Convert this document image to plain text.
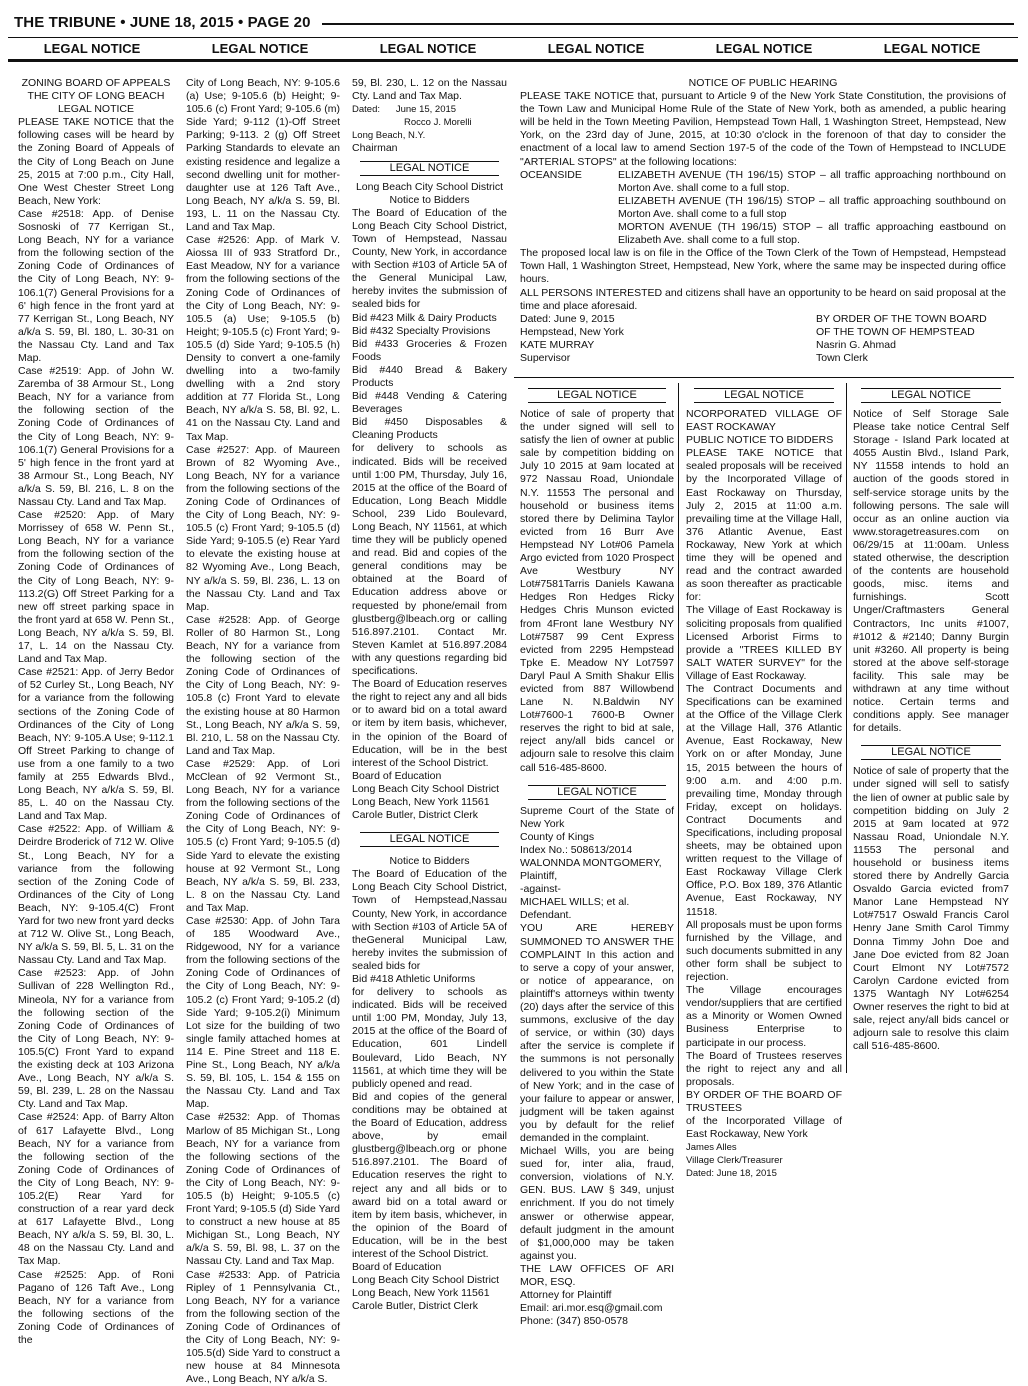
THE TRIBUNE • JUNE 18, 2015 • PAGE 20
LEGAL NOTICE	LEGAL NOTICE	LEGAL NOTICE	LEGAL NOTICE	LEGAL NOTICE	LEGAL NOTICE

ZONING BOARD OF APPEALS

THE CITY OF LONG BEACH

LEGAL NOTICE

PLEASE TAKE NOTICE that the following cases will be heard by the Zoning Board of Appeals of the City of Long Beach on June 25, 2015 at 7:00 p.m., City Hall, One West Chester Street Long Beach, New York:

Case #2518: App. of Denise Sosnoski of 77 Kerrigan St., Long Beach, NY for a variance from the following section of the Zoning Code of Ordinances of the City of Long Beach, NY: 9-106.1(7) General Provisions for a 6' high fence in the front yard at 77 Kerrigan St., Long Beach, NY a/k/a S. 59, Bl. 180, L. 30-31 on the Nassau Cty. Land and Tax Map.

Case #2519: App. of John W. Zaremba of 38 Armour St., Long Beach, NY for a variance from the following section of the Zoning Code of Ordinances of the City of Long Beach, NY: 9-106.1(7) General Provisions for a 5' high fence in the front yard at 38 Armour St., Long Beach, NY a/k/a S. 59, Bl. 216, L. 8 on the Nassau Cty. Land and Tax Map.

Case #2520: App. of Mary Morrissey of 658 W. Penn St., Long Beach, NY for a variance from the following section of the Zoning Code of Ordinances of the City of Long Beach, NY: 9-113.2(G) Off Street Parking for a new off street parking space in the front yard at 658 W. Penn St., Long Beach, NY a/k/a S. 59, Bl. 17, L. 14 on the Nassau Cty. Land and Tax Map.

Case #2521: App. of Jerry Bedor of 52 Curley St., Long Beach, NY for a variance from the following sections of the Zoning Code of Ordinances of the City of Long Beach, NY: 9-105.A Use; 9-112.1 Off Street Parking to change of use from a one family to a two family at 255 Edwards Blvd., Long Beach, NY a/k/a S. 59, Bl. 85, L. 40 on the Nassau Cty. Land and Tax Map.

Case #2522: App. of William & Deirdre Broderick of 712 W. Olive St., Long Beach, NY for a variance from the following section of the Zoning Code of Ordinances of the City of Long Beach, NY: 9-105.4(C) Front Yard for two new front yard decks at 712 W. Olive St., Long Beach, NY a/k/a S. 59, Bl. 5, L. 31 on the Nassau Cty. Land and Tax Map.

Case #2523: App. of John Sullivan of 228 Wellington Rd., Mineola, NY for a variance from the following section of the Zoning Code of Ordinances of the City of Long Beach, NY: 9-105.5(C) Front Yard to expand the existing deck at 103 Arizona Ave., Long Beach, NY a/k/a S. 59, Bl. 239, L. 28 on the Nassau Cty. Land and Tax Map.

Case #2524: App. of Barry Alton of 617 Lafayette Blvd., Long Beach, NY for a variance from the following section of the Zoning Code of Ordinances of the City of Long Beach, NY: 9-105.2(E) Rear Yard for construction of a rear yard deck at 617 Lafayette Blvd., Long Beach, NY a/k/a S. 59, Bl. 30, L. 48 on the Nassau Cty. Land and Tax Map.

Case #2525: App. of Roni Pagano of 126 Taft Ave., Long Beach, NY for a variance from the following sections of the Zoning Code of Ordinances of the

City of Long Beach, NY: 9-105.6 (a) Use; 9-105.6 (b) Height; 9-105.6 (c) Front Yard; 9-105.6 (m) Side Yard; 9-112 (1)-Off Street Parking; 9-113. 2 (g) Off Street Parking Standards to elevate an existing residence and legalize a second dwelling unit for mother-daughter use at 126 Taft Ave., Long Beach, NY a/k/a S. 59, Bl. 193, L. 11 on the Nassau Cty. Land and Tax Map.

Case #2526: App. of Mark V. Aiossa III of 933 Stratford Dr., East Meadow, NY for a variance from the following sections of the Zoning Code of Ordinances of the City of Long Beach, NY: 9-105.5 (a) Use; 9-105.5 (b) Height; 9-105.5 (c) Front Yard; 9-105.5 (d) Side Yard; 9-105.5 (h) Density to convert a one-family dwelling into a two-family dwelling with a 2nd story addition at 77 Florida St., Long Beach, NY a/k/a S. 58, Bl. 92, L. 41 on the Nassau Cty. Land and Tax Map.

Case #2527: App. of Maureen Brown of 82 Wyoming Ave., Long Beach, NY for a variance from the following sections of the Zoning Code of Ordinances of the City of Long Beach, NY: 9-105.5 (c) Front Yard; 9-105.5 (d) Side Yard; 9-105.5 (e) Rear Yard to elevate the existing house at 82 Wyoming Ave., Long Beach, NY a/k/a S. 59, Bl. 236, L. 13 on the Nassau Cty. Land and Tax Map.

Case #2528: App. of George Roller of 80 Harmon St., Long Beach, NY for a variance from the following section of the Zoning Code of Ordinances of the City of Long Beach, NY: 9-105.8 (c) Front Yard to elevate the existing house at 80 Harmon St., Long Beach, NY a/k/a S. 59, Bl. 210, L. 58 on the Nassau Cty. Land and Tax Map.

Case #2529: App. of Lori McClean of 92 Vermont St., Long Beach, NY for a variance from the following sections of the Zoning Code of Ordinances of the City of Long Beach, NY: 9-105.5 (c) Front Yard; 9-105.5 (d) Side Yard to elevate the existing house at 92 Vermont St., Long Beach, NY a/k/a S. 59, Bl. 233, L. 8 on the Nassau Cty. Land and Tax Map.

Case #2530: App. of John Tara of 185 Woodward Ave., Ridgewood, NY for a variance from the following sections of the Zoning Code of Ordinances of the City of Long Beach, NY: 9-105.2 (c) Front Yard; 9-105.2 (d) Side Yard; 9-105.2(i) Minimum Lot size for the building of two single family attached homes at 114 E. Pine Street and 118 E. Pine St., Long Beach, NY a/k/a S. 59, Bl. 105, L. 154 & 155 on the Nassau Cty. Land and Tax Map.

Case #2532: App. of Thomas Marlow of 85 Michigan St., Long Beach, NY for a variance from the following sections of the Zoning Code of Ordinances of the City of Long Beach, NY: 9-105.5 (b) Height; 9-105.5 (c) Front Yard; 9-105.5 (d) Side Yard to construct a new house at 85 Michigan St., Long Beach, NY a/k/a S. 59, Bl. 98, L. 37 on the Nassau Cty. Land and Tax Map.

Case #2533: App. of Patricia Ripley of 1 Pennsylvania Ct., Long Beach, NY for a variance from the following section of the Zoning Code of Ordinances of the City of Long Beach, NY: 9-105.5(d) Side Yard to construct a new house at 84 Minnesota Ave., Long Beach, NY a/k/a S.

59, Bl. 230, L. 12 on the Nassau Cty. Land and Tax Map.

Dated: June 15, 2015

Rocco J. Morelli

Long Beach, N.Y.

Chairman

LEGAL NOTICE

Long Beach City School District

Notice to Bidders

The Board of Education of the Long Beach City School District, Town of Hempstead, Nassau County, New York, in accordance with Section #103 of Article 5A of the General Municipal Law, hereby invites the submission of sealed bids for

Bid #423 Milk & Dairy Products

Bid #432 Specialty Provisions

Bid #433 Groceries & Frozen Foods

Bid #440 Bread & Bakery Products

Bid #448 Vending & Catering Beverages

Bid #450 Disposables & Cleaning Products

for delivery to schools as indicated. Bids will be received until 1:00 PM, Thursday, July 16, 2015 at the office of the Board of Education, Long Beach Middle School, 239 Lido Boulevard, Long Beach, NY 11561, at which time they will be publicly opened and read. Bid and copies of the general conditions may be obtained at the Board of Education address above or requested by phone/email from glustberg@lbeach.org or calling 516.897.2101. Contact Mr. Steven Kamlet at 516.897.2084 with any questions regarding bid specifications.

The Board of Education reserves the right to reject any and all bids or to award bid on a total award or item by item basis, whichever, in the opinion of the Board of Education, will be in the best interest of the School District.

Board of Education

Long Beach City School District

Long Beach, New York 11561

Carole Butler, District Clerk

LEGAL NOTICE

Notice to Bidders

The Board of Education of the Long Beach City School District, Town of Hempstead,Nassau County, New York, in accordance with Section #103 of Article 5A of theGeneral Municipal Law, hereby invites the submission of sealed bids for

Bid #418 Athletic Uniforms

for delivery to schools as indicated. Bids will be received until 1:00 PM, Monday, July 13, 2015 at the office of the Board of Education, 601 Lindell Boulevard, Lido Beach, NY 11561, at which time they will be publicly opened and read.

Bid and copies of the general conditions may be obtained at the Board of Education, address above, by email glustberg@lbeach.org or phone 516.897.2101. The Board of Education reserves the right to reject any and all bids or to award bid on a total award or item by item basis, whichever, in the opinion of the Board of Education, will be in the best interest of the School District.

Board of Education

Long Beach City School District

Long Beach, New York 11561

Carole Butler, District Clerk

NOTICE OF PUBLIC HEARING

PLEASE TAKE NOTICE that, pursuant to Article 9 of the New York State Constitution, the provisions of the Town Law and Municipal Home Rule of the State of New York, both as amended, a public hearing will be held in the Town Meeting Pavilion, Hempstead Town Hall, 1 Washington Street, Hempstead, New York, on the 23rd day of June, 2015, at 10:30 o'clock in the forenoon of that day to consider the enactment of a local law to amend Section 197-5 of the code of the Town of Hempstead to INCLUDE "ARTERIAL STOPS" at the following locations:

OCEANSIDE	ELIZABETH AVENUE (TH 196/15) STOP – all traffic approaching northbound on Morton Ave. shall come to a full stop.

ELIZABETH AVENUE (TH 196/15) STOP – all traffic approaching southbound on Morton Ave. shall come to a full stop

MORTON AVENUE (TH 196/15) STOP – all traffic approaching eastbound on Elizabeth Ave. shall come to a full stop.

The proposed local law is on file in the Office of the Town Clerk of the Town of Hempstead, Hempstead Town Hall, 1 Washington Street, Hempstead, New York, where the same may be inspected during office hours.

ALL PERSONS INTERESTED and citizens shall have an opportunity to be heard on said proposal at the time and place aforesaid.

Dated: June 9, 2015

Hempstead, New York

KATE MURRAY

Supervisor

BY ORDER OF THE TOWN BOARD

OF THE TOWN OF HEMPSTEAD

Nasrin G. Ahmad

Town Clerk

LEGAL NOTICE

Notice of sale of property that the under signed will sell to satisfy the lien of owner at public sale by competition bidding on July 10 2015 at 9am located at 972 Nassau Road, Uniondale N.Y. 11553 The personal and household or business items stored there by Delimina Taylor evicted from 16 Burr Ave Hempstead NY Lot#06 Pamela Argo evicted from 1020 Prospect Ave Westbury NY Lot#7581Tarris Daniels Kawana Hedges Ron Hedges Ricky Hedges Chris Munson evicted from 4Front lane Westbury NY Lot#7587 99 Cent Express evicted from 2295 Hempstead Tpke E. Meadow NY Lot7597 Daryl Paul A Smith Shakur Ellis evicted from 887 Willowbend Lane N. N.Baldwin NY Lot#7600-1 7600-B Owner reserves the right to bid at sale, reject any/all bids cancel or adjourn sale to resolve this claim call 516-485-8600.

LEGAL NOTICE

Supreme Court of the State of New York

County of Kings

Index No.: 508613/2014

WALONNDA MONTGOMERY,

Plaintiff,

-against-

MICHAEL WILLS; et al.

Defendant.

YOU ARE HEREBY SUMMONED TO ANSWER THE COMPLAINT In this action and to serve a copy of your answer, or notice of appearance, on plaintiff's attorneys within twenty (20) days after the service of this summons, exclusive of the day of service, or within (30) days after the service is complete if the summons is not personally delivered to you within the State of New York; and in the case of your failure to appear or answer, judgment will be taken against you by default for the relief demanded in the complaint.

Michael Wills, you are being sued for, inter alia, fraud, conversion, violations of N.Y. GEN. BUS. LAW § 349, unjust enrichment. If you do not timely answer or otherwise appear, default judgment in the amount of $1,000,000 may be taken against you.

THE LAW OFFICES OF ARI MOR, ESQ.

Attorney for Plaintiff

Email: ari.mor.esq@gmail.com

Phone: (347) 850-0578

LEGAL NOTICE

NCORPORATED VILLAGE OF EAST ROCKAWAY

PUBLIC NOTICE TO BIDDERS

PLEASE TAKE NOTICE that sealed proposals will be received by the Incorporated Village of East Rockaway on Thursday, July 2, 2015 at 11:00 a.m. prevailing time at the Village Hall, 376 Atlantic Avenue, East Rockaway, New York at which time they will be opened and read and the contract awarded as soon thereafter as practicable for:

The Village of East Rockaway is soliciting proposals from qualified Licensed Arborist Firms to provide a "TREES KILLED BY SALT WATER SURVEY" for the Village of East Rockaway.

The Contract Documents and Specifications can be examined at the Office of the Village Clerk at the Village Hall, 376 Atlantic Avenue, East Rockaway, New York on or after Monday, June 15, 2015 between the hours of 9:00 a.m. and 4:00 p.m. prevailing time, Monday through Friday, except on holidays. Contract Documents and Specifications, including proposal sheets, may be obtained upon written request to the Village of East Rockaway Village Clerk Office, P.O. Box 189, 376 Atlantic Avenue, East Rockaway, NY 11518.

All proposals must be upon forms furnished by the Village, and such documents submitted in any other form shall be subject to rejection.

The Village encourages vendor/suppliers that are certified as a Minority or Women Owned Business Enterprise to participate in our process.

The Board of Trustees reserves the right to reject any and all proposals.

BY ORDER OF THE BOARD OF TRUSTEES

of the Incorporated Village of East Rockaway, New York

James Alles

Village Clerk/Treasurer

Dated: June 18, 2015

LEGAL NOTICE

Notice of Self Storage Sale Please take notice Central Self Storage - Island Park located at 4055 Austin Blvd., Island Park, NY 11558 intends to hold an auction of the goods stored in self-service storage units by the following persons. The sale will occur as an online auction via www.storagetreasures.com on 06/29/15 at 11:00am. Unless stated otherwise, the description of the contents are household goods, misc. items and furnishings. Scott Unger/Craftmasters General Contractors, Inc units #1007, #1012 & #2140; Danny Burgin unit #3260. All property is being stored at the above self-storage facility. This sale may be withdrawn at any time without notice. Certain terms and conditions apply. See manager for details.

LEGAL NOTICE

Notice of sale of property that the under signed will sell to satisfy the lien of owner at public sale by competition bidding on July 2 2015 at 9am located at 972 Nassau Road, Uniondale N.Y. 11553 The personal and household or business items stored there by Andrelly Garcia Osvaldo Garcia evicted from7 Manor Lane Hempstead NY Lot#7517 Oswald Francis Carol Henry Jane Smith Carol Timmy Donna Timmy John Doe and Jane Doe evicted from 82 Joan Court Elmont NY Lot#7572 Carolyn Cardone evicted from 1375 Wantagh NY Lot#6254 Owner reserves the right to bid at sale, reject any/all bids cancel or adjourn sale to resolve this claim call 516-485-8600.
